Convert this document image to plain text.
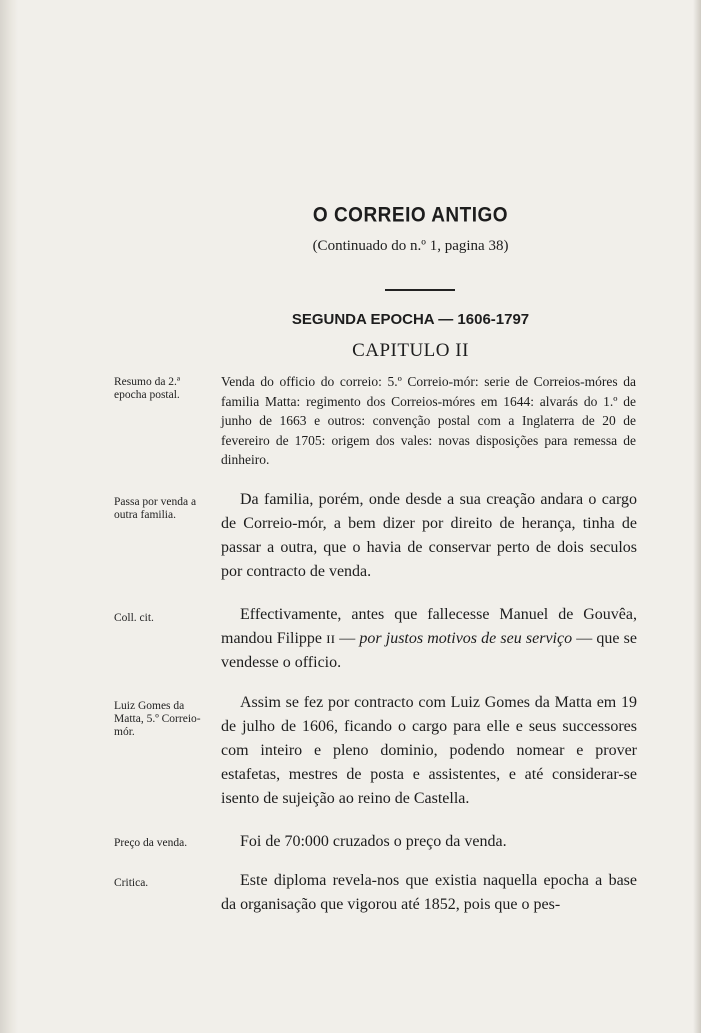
O CORREIO ANTIGO
(Continuado do n.º 1, pagina 38)
SEGUNDA EPOCHA — 1606-1797
CAPITULO II
Resumo da 2.ª epocha postal.
Venda do officio do correio: 5.º Correio-mór: serie de Correios-móres da familia Matta: regimento dos Correios-móres em 1644: alvarás do 1.º de junho de 1663 e outros: convenção postal com a Inglaterra de 20 de fevereiro de 1705: origem dos vales: novas disposições para remessa de dinheiro.
Passa por venda a outra familia.
Da familia, porém, onde desde a sua creação andara o cargo de Correio-mór, a bem dizer por direito de herança, tinha de passar a outra, que o havia de conservar perto de dois seculos por contracto de venda.
Coll. cit.	Effectivamente, antes que fallecesse Manuel de Gouvêa, mandou Filippe ɪɪ — por justos motivos de seu serviço — que se vendesse o officio.
Luiz Gomes da Matta, 5.º Correio-mór.
Assim se fez por contracto com Luiz Gomes da Matta em 19 de julho de 1606, ficando o cargo para elle e seus successores com inteiro e pleno dominio, podendo nomear e prover estafetas, mestres de posta e assistentes, e até considerar-se isento de sujeição ao reino de Castella.
Preço da venda.	Foi de 70:000 cruzados o preço da venda.
Critica.	Este diploma revela-nos que existia naquella epocha a base da organisação que vigorou até 1852, pois que o pes-
